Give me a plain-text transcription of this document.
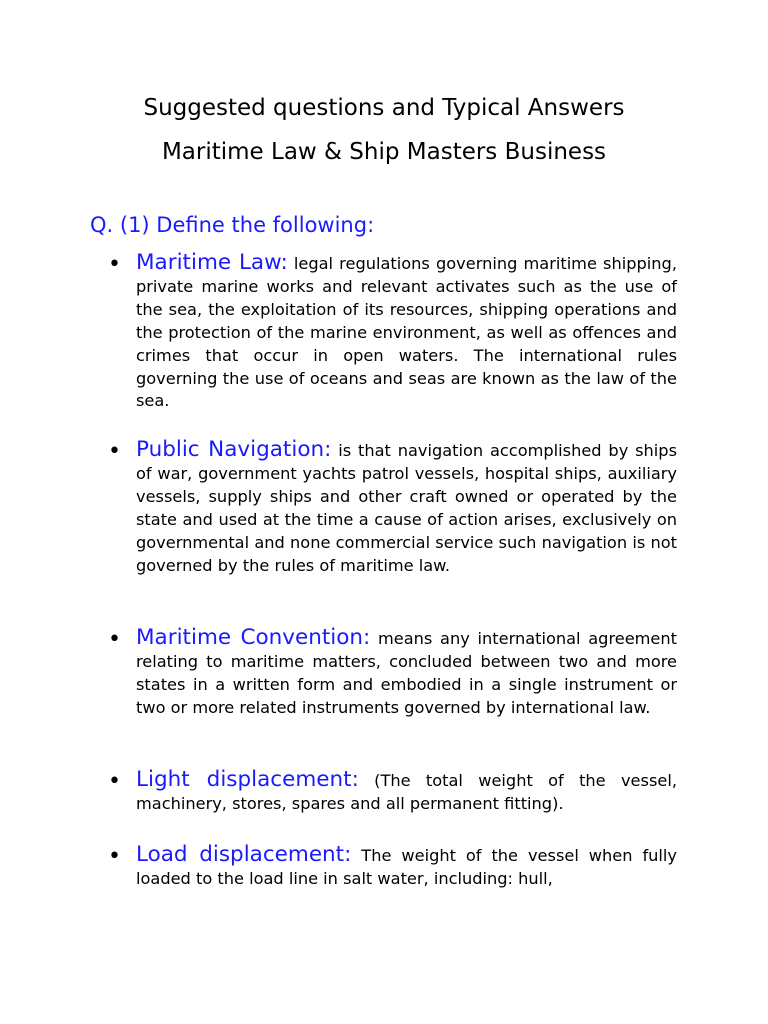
Suggested questions and Typical Answers
Maritime Law & Ship Masters Business
Q. (1) Define the following:
• Maritime Law: legal regulations governing maritime shipping, private marine works and relevant activates such as the use of the sea, the exploitation of its resources, shipping operations and the protection of the marine environment, as well as offences and crimes that occur in open waters. The international rules governing the use of oceans and seas are known as the law of the sea.
• Public Navigation: is that navigation accomplished by ships of war, government yachts patrol vessels, hospital ships, auxiliary vessels, supply ships and other craft owned or operated by the state and used at the time a cause of action arises, exclusively on governmental and none commercial service such navigation is not governed by the rules of maritime law.
• Maritime Convention: means any international agreement relating to maritime matters, concluded between two and more states in a written form and embodied in a single instrument or two or more related instruments governed by international law.
• Light displacement: (The total weight of the vessel, machinery, stores, spares and all permanent fitting).
• Load displacement: The weight of the vessel when fully loaded to the load line in salt water, including: hull,
